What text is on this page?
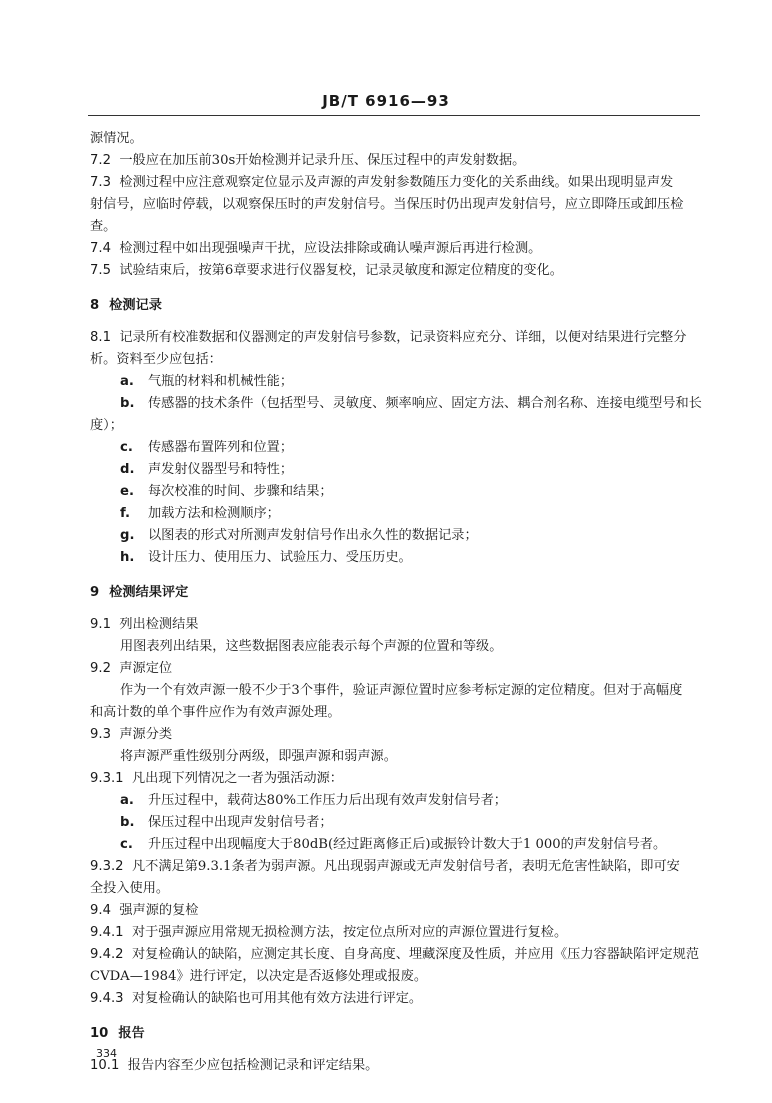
JB/T 6916—93
源情况。
7.2 一般应在加压前30s开始检测并记录升压、保压过程中的声发射数据。
7.3 检测过程中应注意观察定位显示及声源的声发射参数随压力变化的关系曲线。如果出现明显声发
射信号，应临时停载，以观察保压时的声发射信号。当保压时仍出现声发射信号，应立即降压或卸压检
查。
7.4 检测过程中如出现强噪声干扰，应设法排除或确认噪声源后再进行检测。
7.5 试验结束后，按第6章要求进行仪器复校，记录灵敏度和源定位精度的变化。
8 检测记录
8.1 记录所有校准数据和仪器测定的声发射信号参数，记录资料应充分、详细，以便对结果进行完整分
析。资料至少应包括：
a. 气瓶的材料和机械性能；
b. 传感器的技术条件（包括型号、灵敏度、频率响应、固定方法、耦合剂名称、连接电缆型号和长
度）；
c. 传感器布置阵列和位置；
d. 声发射仪器型号和特性；
e. 每次校准的时间、步骤和结果；
f. 加载方法和检测顺序；
g. 以图表的形式对所测声发射信号作出永久性的数据记录；
h. 设计压力、使用压力、试验压力、受压历史。
9 检测结果评定
9.1 列出检测结果
用图表列出结果，这些数据图表应能表示每个声源的位置和等级。
9.2 声源定位
作为一个有效声源一般不少于3个事件，验证声源位置时应参考标定源的定位精度。但对于高幅度
和高计数的单个事件应作为有效声源处理。
9.3 声源分类
将声源严重性级别分两级，即强声源和弱声源。
9.3.1 凡出现下列情况之一者为强活动源：
a. 升压过程中，载荷达80%工作压力后出现有效声发射信号者；
b. 保压过程中出现声发射信号者；
c. 升压过程中出现幅度大于80dB(经过距离修正后)或振铃计数大于1 000的声发射信号者。
9.3.2 凡不满足第9.3.1条者为弱声源。凡出现弱声源或无声发射信号者，表明无危害性缺陷，即可安
全投入使用。
9.4 强声源的复检
9.4.1 对于强声源应用常规无损检测方法，按定位点所对应的声源位置进行复检。
9.4.2 对复检确认的缺陷，应测定其长度、自身高度、埋藏深度及性质，并应用《压力容器缺陷评定规范
CVDA—1984》进行评定，以决定是否返修处理或报废。
9.4.3 对复检确认的缺陷也可用其他有效方法进行评定。
10 报告
10.1 报告内容至少应包括检测记录和评定结果。
334
